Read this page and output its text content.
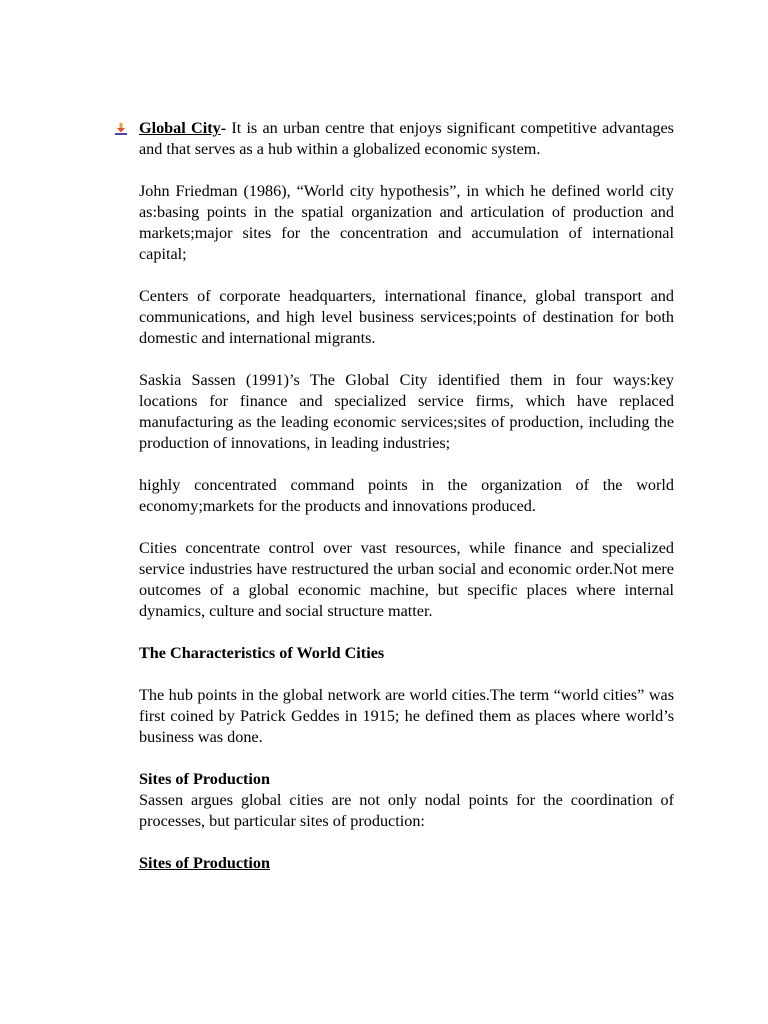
Global City- It is an urban centre that enjoys significant competitive advantages and that serves as a hub within a globalized economic system.

John Friedman (1986), “World city hypothesis”, in which he defined world city as:basing points in the spatial organization and articulation of production and markets;major sites for the concentration and accumulation of international capital;

Centers of corporate headquarters, international finance, global transport and communications, and high level business services;points of destination for both domestic and international migrants.

Saskia Sassen (1991)’s The Global City identified them in four ways:key locations for finance and specialized service firms, which have replaced manufacturing as the leading economic services;sites of production, including the production of innovations, in leading industries;

highly concentrated command points in the organization of the world economy;markets for the products and innovations produced.

Cities concentrate control over vast resources, while finance and specialized service industries have restructured the urban social and economic order.Not mere outcomes of a global economic machine, but specific places where internal dynamics, culture and social structure matter.

The Characteristics of World Cities

The hub points in the global network are world cities.The term “world cities” was first coined by Patrick Geddes in 1915; he defined them as places where world’s business was done.

Sites of Production

Sassen argues global cities are not only nodal points for the coordination of processes, but particular sites of production:

Sites of Production
